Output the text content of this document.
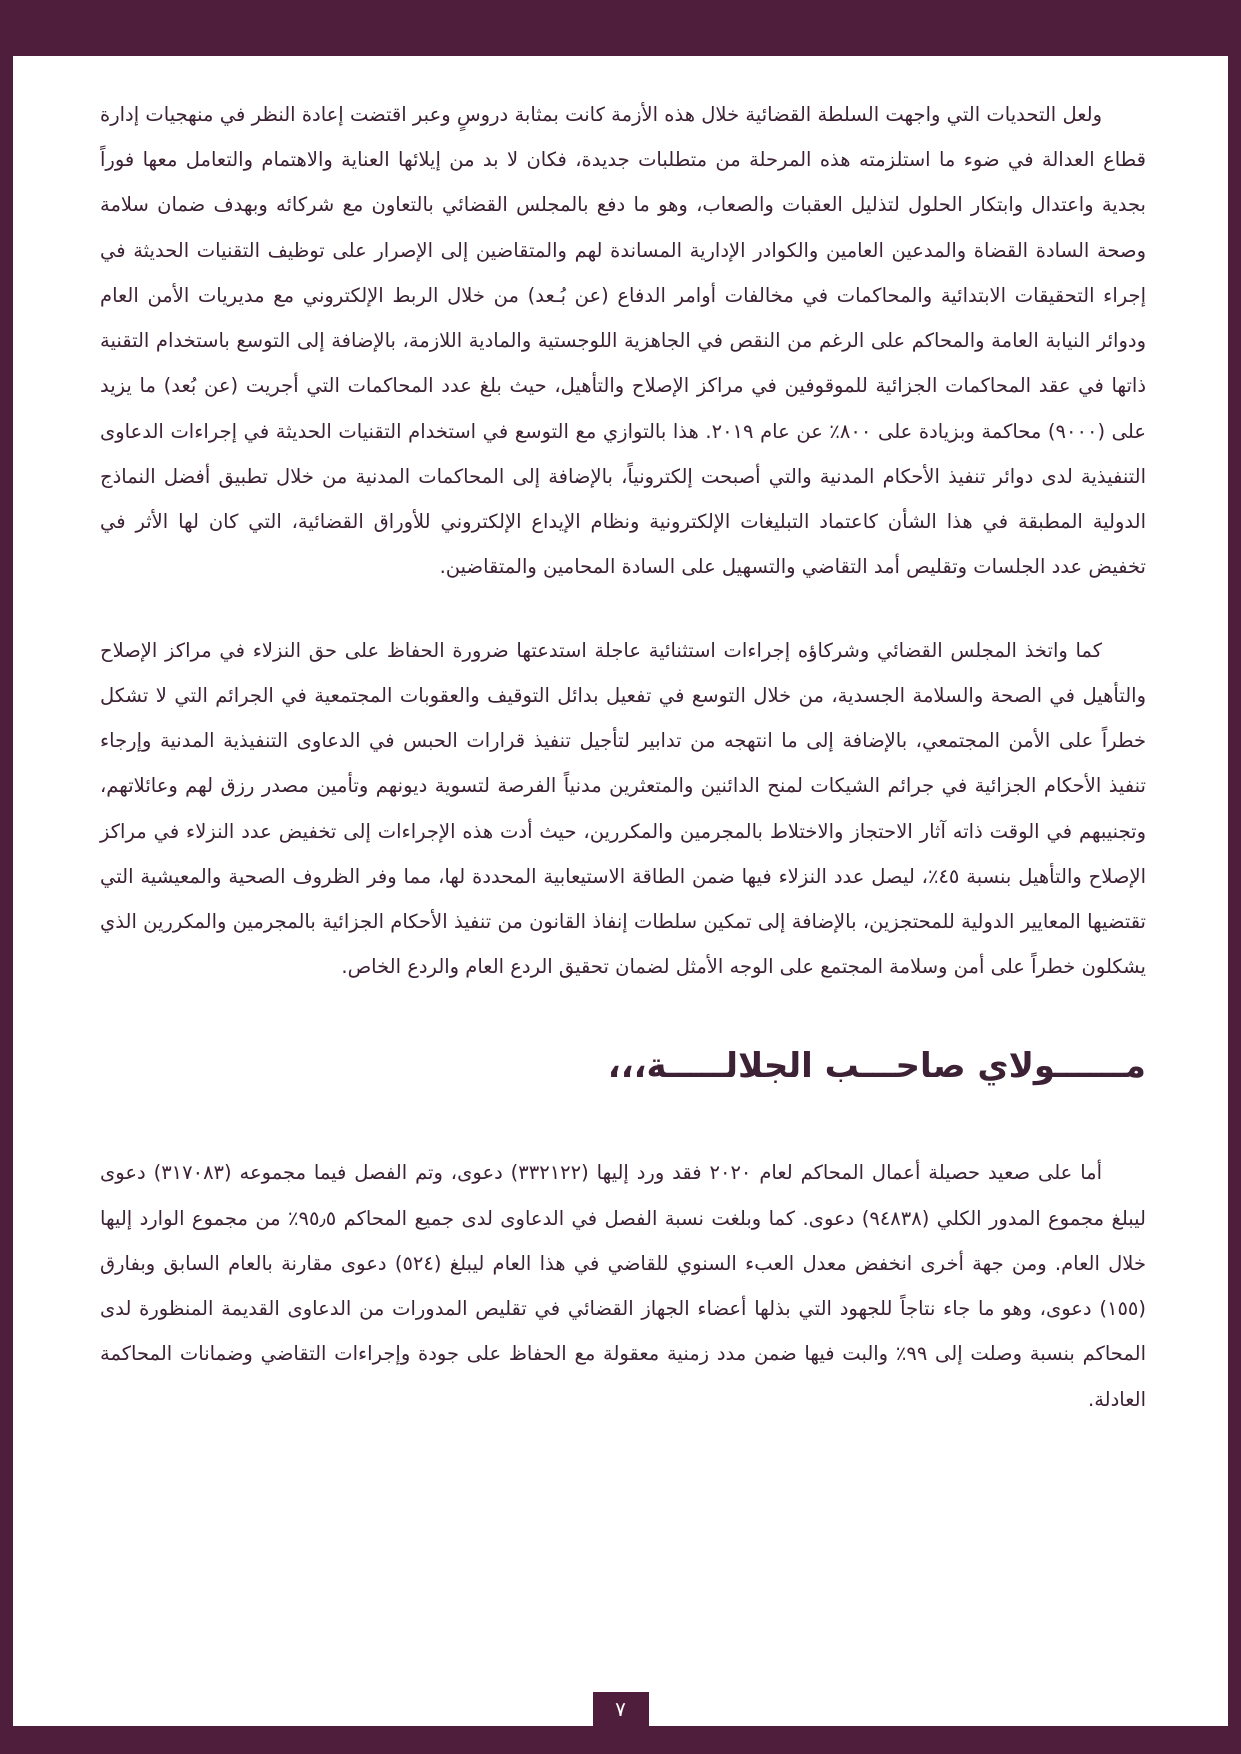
ولعل التحديات التي واجهت السلطة القضائية خلال هذه الأزمة كانت بمثابة دروسٍ وعبر اقتضت إعادة النظر في منهجيات إدارة قطاع العدالة في ضوء ما استلزمته هذه المرحلة من متطلبات جديدة، فكان لا بد من إيلائها العناية والاهتمام والتعامل معها فوراً بجدية واعتدال وابتكار الحلول لتذليل العقبات والصعاب، وهو ما دفع بالمجلس القضائي بالتعاون مع شركائه وبهدف ضمان سلامة وصحة السادة القضاة والمدعين العامين والكوادر الإدارية المساندة لهم والمتقاضين إلى الإصرار على توظيف التقنيات الحديثة في إجراء التحقيقات الابتدائية والمحاكمات في مخالفات أوامر الدفاع (عن بُـعد) من خلال الربط الإلكتروني مع مديريات الأمن العام ودوائر النيابة العامة والمحاكم على الرغم من النقص في الجاهزية اللوجستية والمادية اللازمة، بالإضافة إلى التوسع باستخدام التقنية ذاتها في عقد المحاكمات الجزائية للموقوفين في مراكز الإصلاح والتأهيل، حيث بلغ عدد المحاكمات التي أجريت (عن بُعد) ما يزيد على (٩٠٠٠) محاكمة وبزيادة على ٨٠٠٪ عن عام ٢٠١٩. هذا بالتوازي مع التوسع في استخدام التقنيات الحديثة في إجراءات الدعاوى التنفيذية لدى دوائر تنفيذ الأحكام المدنية والتي أصبحت إلكترونياً، بالإضافة إلى المحاكمات المدنية من خلال تطبيق أفضل النماذج الدولية المطبقة في هذا الشأن كاعتماد التبليغات الإلكترونية ونظام الإيداع الإلكتروني للأوراق القضائية، التي كان لها الأثر في تخفيض عدد الجلسات وتقليص أمد التقاضي والتسهيل على السادة المحامين والمتقاضين.

كما واتخذ المجلس القضائي وشركاؤه إجراءات استثنائية عاجلة استدعتها ضرورة الحفاظ على حق النزلاء في مراكز الإصلاح والتأهيل في الصحة والسلامة الجسدية، من خلال التوسع في تفعيل بدائل التوقيف والعقوبات المجتمعية في الجرائم التي لا تشكل خطراً على الأمن المجتمعي، بالإضافة إلى ما انتهجه من تدابير لتأجيل تنفيذ قرارات الحبس في الدعاوى التنفيذية المدنية وإرجاء تنفيذ الأحكام الجزائية في جرائم الشيكات لمنح الدائنين والمتعثرين مدنياً الفرصة لتسوية ديونهم وتأمين مصدر رزق لهم وعائلاتهم، وتجنيبهم في الوقت ذاته آثار الاحتجاز والاختلاط بالمجرمين والمكررين، حيث أدت هذه الإجراءات إلى تخفيض عدد النزلاء في مراكز الإصلاح والتأهيل بنسبة ٤٥٪، ليصل عدد النزلاء فيها ضمن الطاقة الاستيعابية المحددة لها، مما وفر الظروف الصحية والمعيشية التي تقتضيها المعايير الدولية للمحتجزين، بالإضافة إلى تمكين سلطات إنفاذ القانون من تنفيذ الأحكام الجزائية بالمجرمين والمكررين الذي يشكلون خطراً على أمن وسلامة المجتمع على الوجه الأمثل لضمان تحقيق الردع العام والردع الخاص.

مــــــولاي صاحـــب الجلالـــــة،،،

أما على صعيد حصيلة أعمال المحاكم لعام ٢٠٢٠ فقد ورد إليها (٣٣٢١٢٢) دعوى، وتم الفصل فيما مجموعه (٣١٧٠٨٣) دعوى ليبلغ مجموع المدور الكلي (٩٤٨٣٨) دعوى. كما وبلغت نسبة الفصل في الدعاوى لدى جميع المحاكم ٩٥٫٥٪ من مجموع الوارد إليها خلال العام. ومن جهة أخرى انخفض معدل العبء السنوي للقاضي في هذا العام ليبلغ (٥٢٤) دعوى مقارنة بالعام السابق وبفارق (١٥٥) دعوى، وهو ما جاء نتاجاً للجهود التي بذلها أعضاء الجهاز القضائي في تقليص المدورات من الدعاوى القديمة المنظورة لدى المحاكم بنسبة وصلت إلى ٩٩٪ والبت فيها ضمن مدد زمنية معقولة مع الحفاظ على جودة وإجراءات التقاضي وضمانات المحاكمة العادلة.

٧
